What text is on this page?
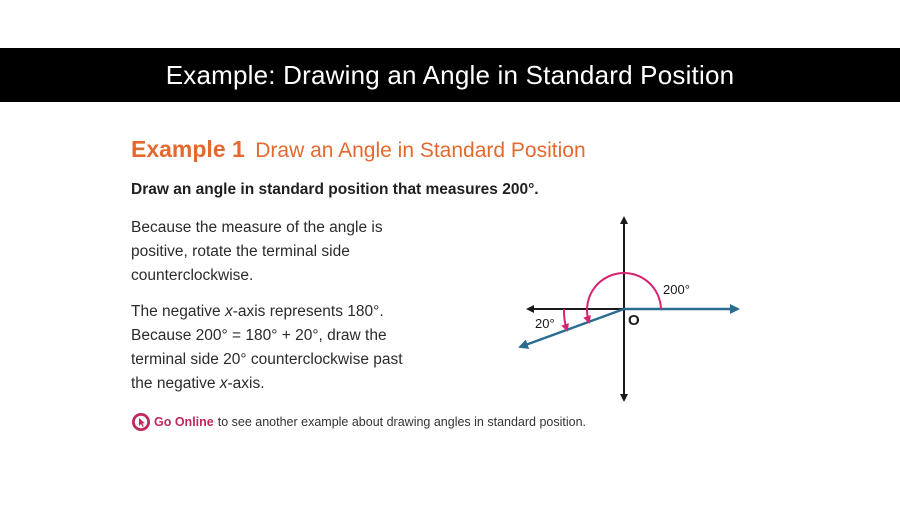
Example: Drawing an Angle in Standard Position
Example 1 Draw an Angle in Standard Position
Draw an angle in standard position that measures 200°.
Because the measure of the angle is
positive, rotate the terminal side
counterclockwise.
The negative x-axis represents 180°.
Because 200° = 180° + 20°, draw the
terminal side 20° counterclockwise past
the negative x-axis.
Go Online to see another example about drawing angles in standard position.
200°
20°	O
